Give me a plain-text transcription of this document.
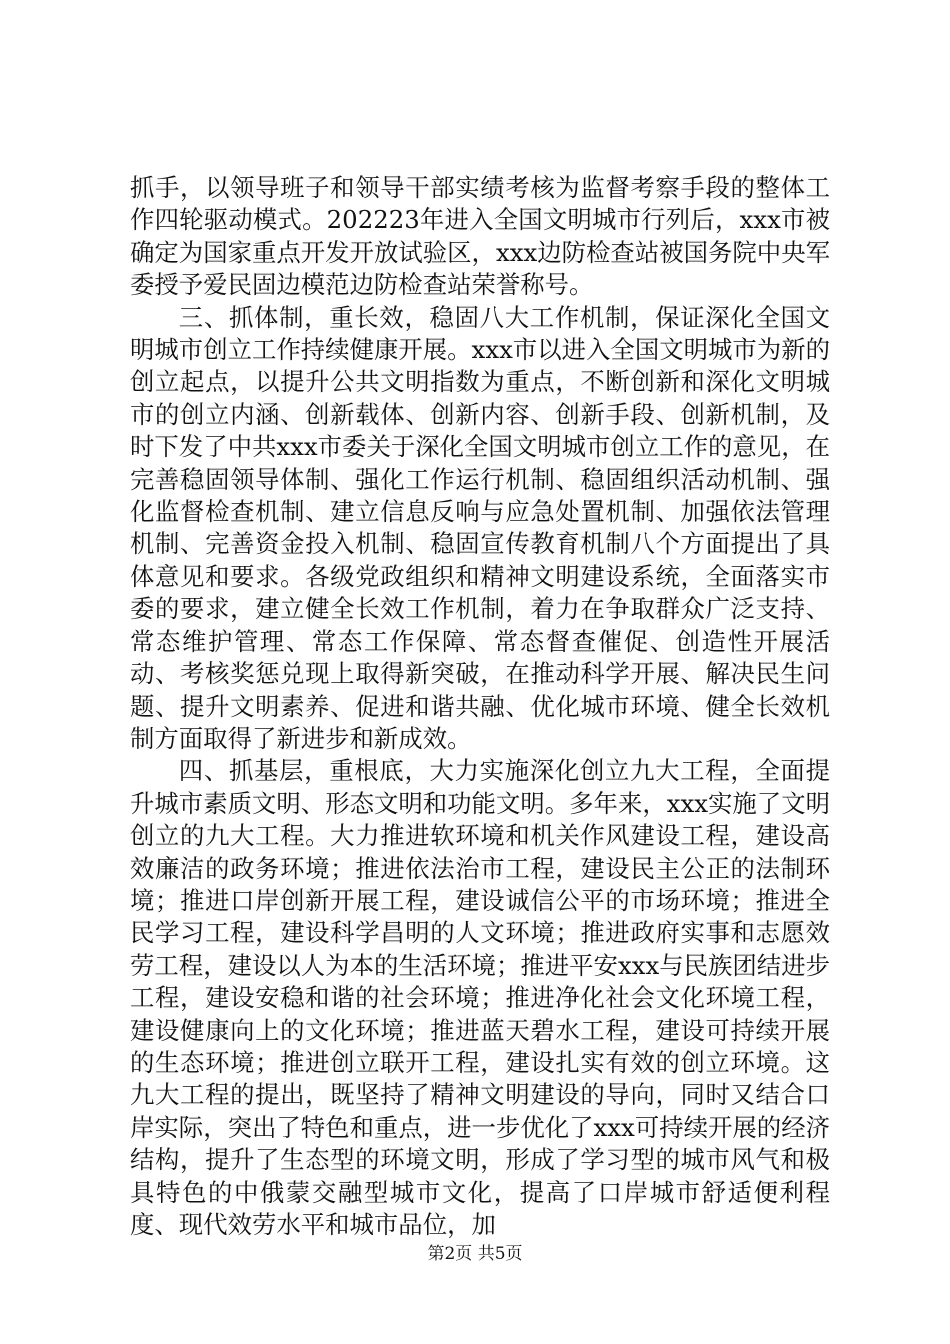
抓手，以领导班子和领导干部实绩考核为监督考察手段的整体工作四轮驱动模式。202223年进入全国文明城市行列后，xxx市被确定为国家重点开发开放试验区，xxx边防检查站被国务院中央军委授予爱民固边模范边防检查站荣誉称号。

三、抓体制，重长效，稳固八大工作机制，保证深化全国文明城市创立工作持续健康开展。xxx市以进入全国文明城市为新的创立起点，以提升公共文明指数为重点，不断创新和深化文明城市的创立内涵、创新载体、创新内容、创新手段、创新机制，及时下发了中共xxx市委关于深化全国文明城市创立工作的意见，在完善稳固领导体制、强化工作运行机制、稳固组织活动机制、强化监督检查机制、建立信息反响与应急处置机制、加强依法管理机制、完善资金投入机制、稳固宣传教育机制八个方面提出了具体意见和要求。各级党政组织和精神文明建设系统，全面落实市委的要求，建立健全长效工作机制，着力在争取群众广泛支持、常态维护管理、常态工作保障、常态督查催促、创造性开展活动、考核奖惩兑现上取得新突破，在推动科学开展、解决民生问题、提升文明素养、促进和谐共融、优化城市环境、健全长效机制方面取得了新进步和新成效。

四、抓基层，重根底，大力实施深化创立九大工程，全面提升城市素质文明、形态文明和功能文明。多年来，xxx实施了文明创立的九大工程。大力推进软环境和机关作风建设工程，建设高效廉洁的政务环境；推进依法治市工程，建设民主公正的法制环境；推进口岸创新开展工程，建设诚信公平的市场环境；推进全民学习工程，建设科学昌明的人文环境；推进政府实事和志愿效劳工程，建设以人为本的生活环境；推进平安xxx与民族团结进步工程，建设安稳和谐的社会环境；推进净化社会文化环境工程，建设健康向上的文化环境；推进蓝天碧水工程，建设可持续开展的生态环境；推进创立联开工程，建设扎实有效的创立环境。这九大工程的提出，既坚持了精神文明建设的导向，同时又结合口岸实际，突出了特色和重点，进一步优化了xxx可持续开展的经济结构，提升了生态型的环境文明，形成了学习型的城市风气和极具特色的中俄蒙交融型城市文化，提高了口岸城市舒适便利程度、现代效劳水平和城市品位，加

第2页 共5页
